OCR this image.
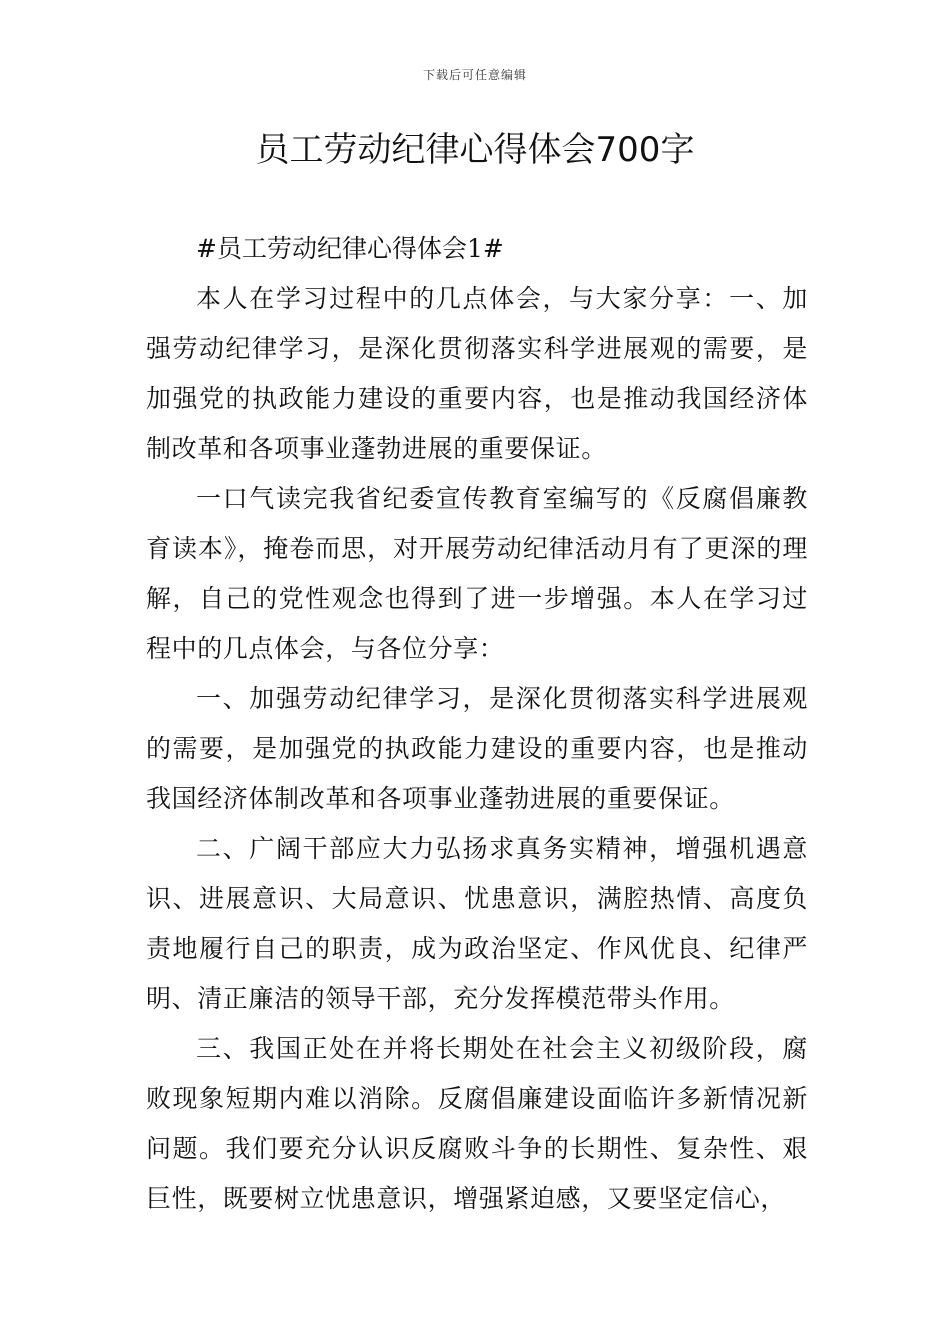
下载后可任意编辑
员工劳动纪律心得体会700字

#员工劳动纪律心得体会1#

本人在学习过程中的几点体会，与大家分享：一、加强劳动纪律学习，是深化贯彻落实科学进展观的需要，是加强党的执政能力建设的重要内容，也是推动我国经济体制改革和各项事业蓬勃进展的重要保证。

一口气读完我省纪委宣传教育室编写的《反腐倡廉教育读本》，掩卷而思，对开展劳动纪律活动月有了更深的理解，自己的党性观念也得到了进一步增强。本人在学习过程中的几点体会，与各位分享：

一、加强劳动纪律学习，是深化贯彻落实科学进展观的需要，是加强党的执政能力建设的重要内容，也是推动我国经济体制改革和各项事业蓬勃进展的重要保证。

二、广阔干部应大力弘扬求真务实精神，增强机遇意识、进展意识、大局意识、忧患意识，满腔热情、高度负责地履行自己的职责，成为政治坚定、作风优良、纪律严明、清正廉洁的领导干部，充分发挥模范带头作用。

三、我国正处在并将长期处在社会主义初级阶段，腐败现象短期内难以消除。反腐倡廉建设面临许多新情况新问题。我们要充分认识反腐败斗争的长期性、复杂性、艰巨性，既要树立忧患意识，增强紧迫感，又要坚定信心，
